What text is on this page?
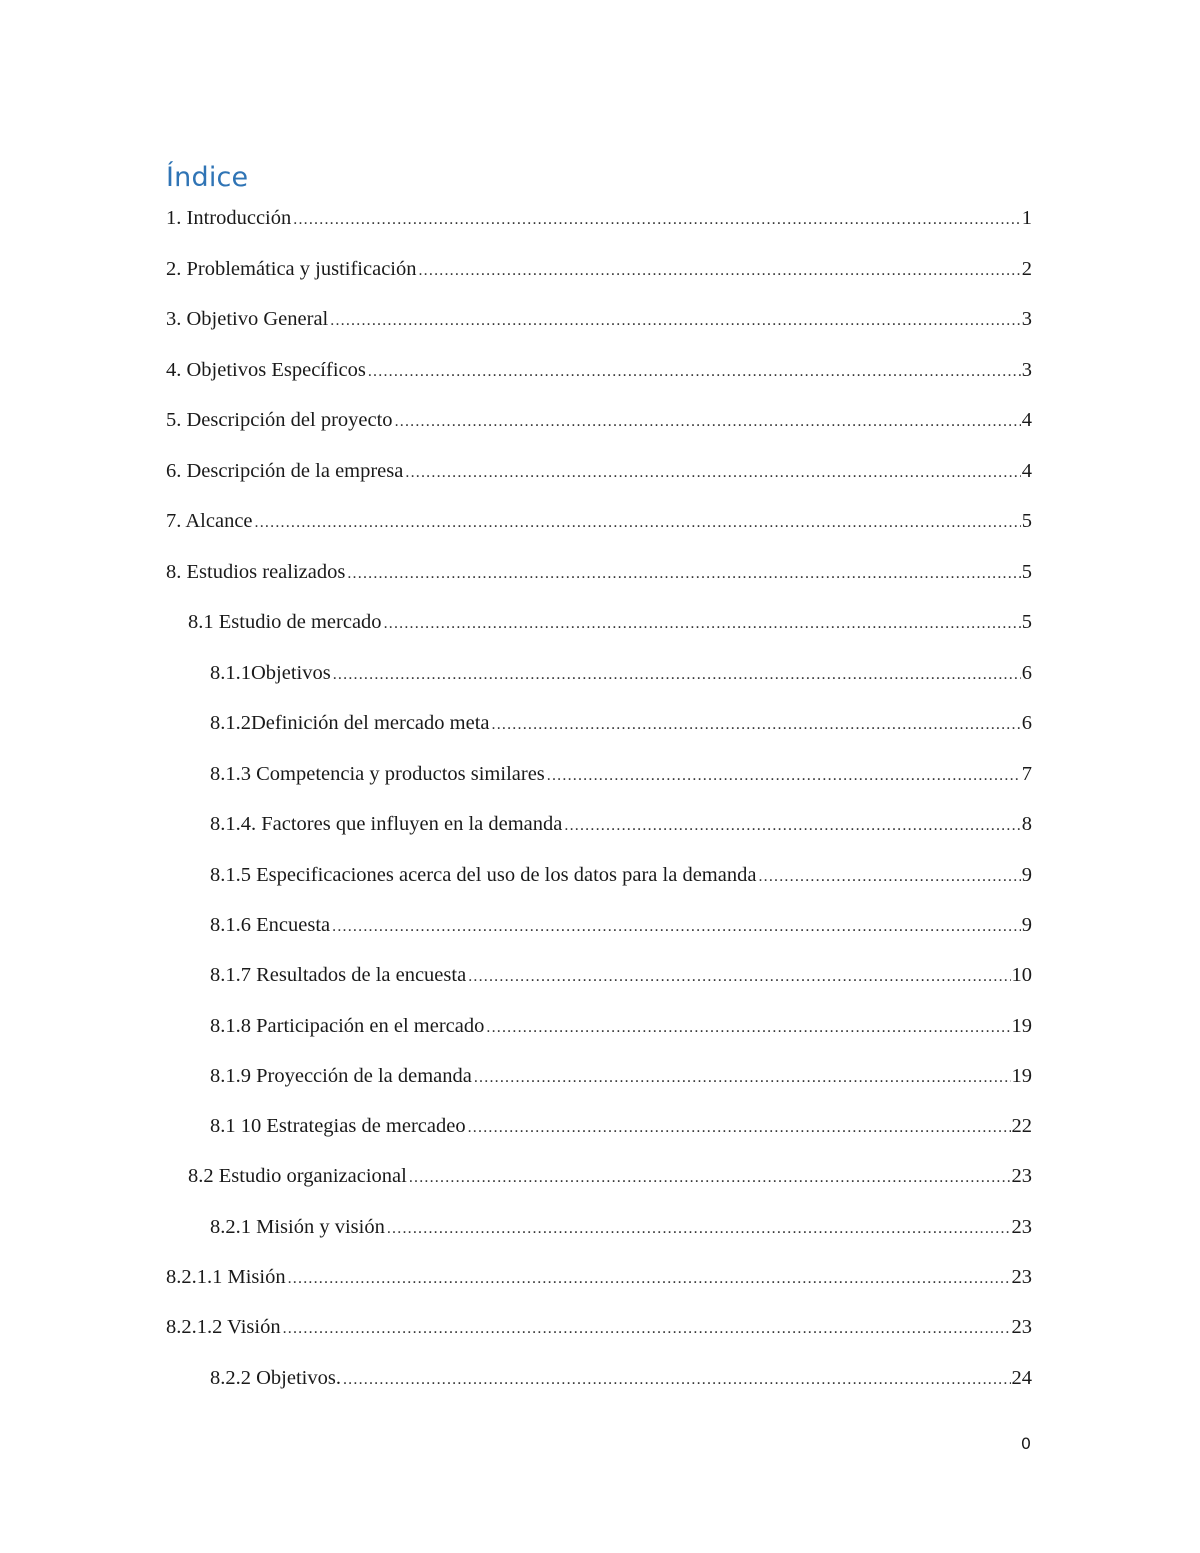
Índice
1. Introducción .....	1
2. Problemática y justificación .....	2
3. Objetivo General .....	3
4. Objetivos Específicos .....	3
5. Descripción del proyecto .....	4
6. Descripción de la empresa .....	4
7. Alcance .....	5
8. Estudios realizados .....	5
8.1 Estudio de mercado .....	5
8.1.1Objetivos .....	6
8.1.2Definición del mercado meta .....	6
8.1.3 Competencia y productos similares .....	7
8.1.4. Factores que influyen en la demanda .....	8
8.1.5 Especificaciones acerca del uso de los datos para la demanda .....	9
8.1.6 Encuesta .....	9
8.1.7 Resultados de la encuesta .....	10
8.1.8 Participación en el mercado .....	19
8.1.9 Proyección de la demanda .....	19
8.1 10 Estrategias de mercadeo .....	22
8.2 Estudio organizacional .....	23
8.2.1 Misión y visión .....	23
8.2.1.1 Misión .....	23
8.2.1.2 Visión .....	23
8.2.2 Objetivos. .....	24
0
